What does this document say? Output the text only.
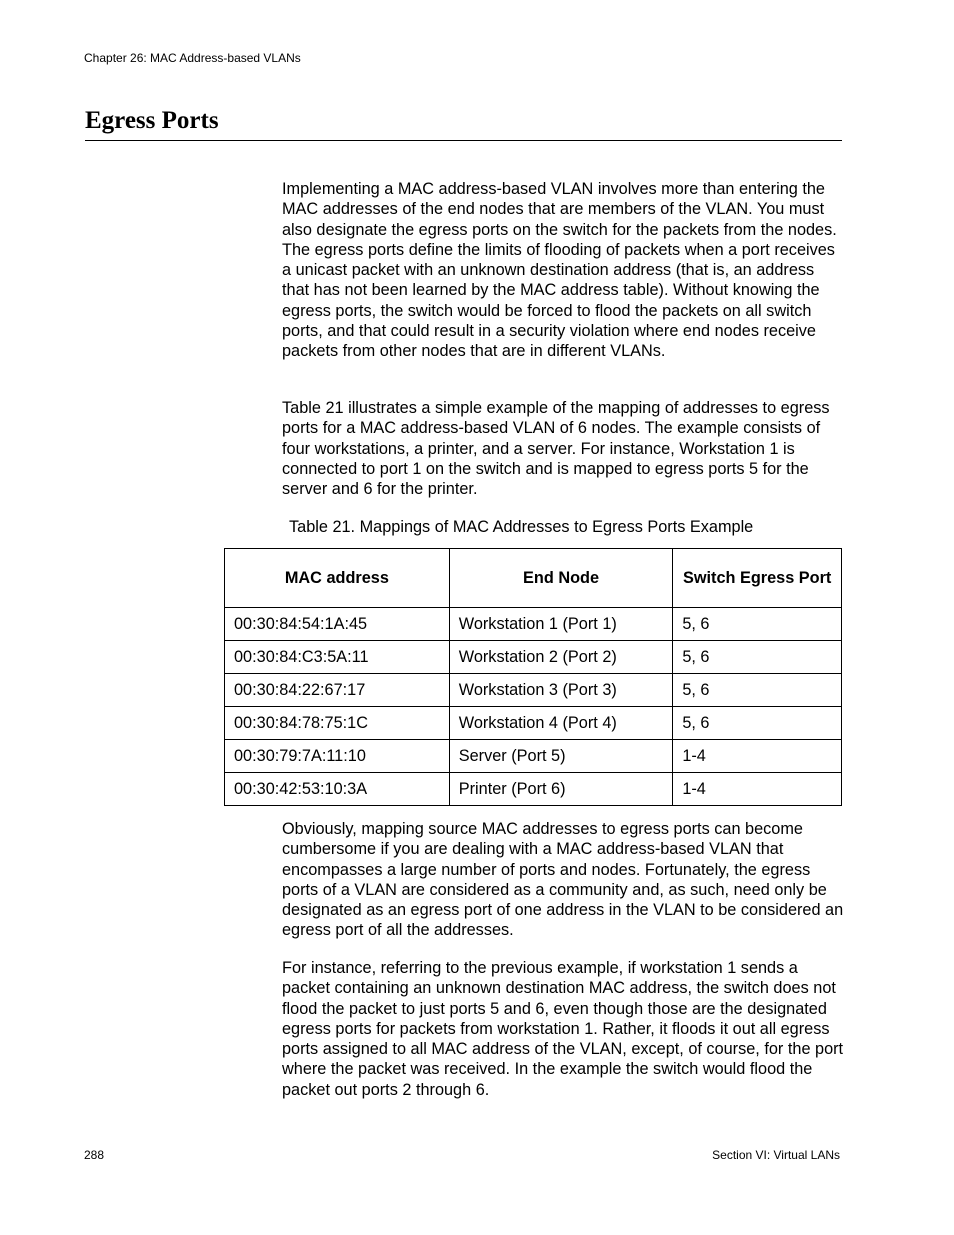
Chapter 26: MAC Address-based VLANs
Egress Ports

Implementing a MAC address-based VLAN involves more than entering the MAC addresses of the end nodes that are members of the VLAN. You must also designate the egress ports on the switch for the packets from the nodes. The egress ports define the limits of flooding of packets when a port receives a unicast packet with an unknown destination address (that is, an address that has not been learned by the MAC address table). Without knowing the egress ports, the switch would be forced to flood the packets on all switch ports, and that could result in a security violation where end nodes receive packets from other nodes that are in different VLANs.

Table 21 illustrates a simple example of the mapping of addresses to egress ports for a MAC address-based VLAN of 6 nodes. The example consists of four workstations, a printer, and a server. For instance, Workstation 1 is connected to port 1 on the switch and is mapped to egress ports 5 for the server and 6 for the printer.

Table 21. Mappings of MAC Addresses to Egress Ports Example

MAC address	End Node	Switch Egress Port
00:30:84:54:1A:45	Workstation 1 (Port 1)	5, 6
00:30:84:C3:5A:11	Workstation 2 (Port 2)	5, 6
00:30:84:22:67:17	Workstation 3 (Port 3)	5, 6
00:30:84:78:75:1C	Workstation 4 (Port 4)	5, 6
00:30:79:7A:11:10	Server (Port 5)	1-4
00:30:42:53:10:3A	Printer (Port 6)	1-4

Obviously, mapping source MAC addresses to egress ports can become cumbersome if you are dealing with a MAC address-based VLAN that encompasses a large number of ports and nodes. Fortunately, the egress ports of a VLAN are considered as a community and, as such, need only be designated as an egress port of one address in the VLAN to be considered an egress port of all the addresses.

For instance, referring to the previous example, if workstation 1 sends a packet containing an unknown destination MAC address, the switch does not flood the packet to just ports 5 and 6, even though those are the designated egress ports for packets from workstation 1. Rather, it floods it out all egress ports assigned to all MAC address of the VLAN, except, of course, for the port where the packet was received. In the example the switch would flood the packet out ports 2 through 6.

288	Section VI: Virtual LANs
